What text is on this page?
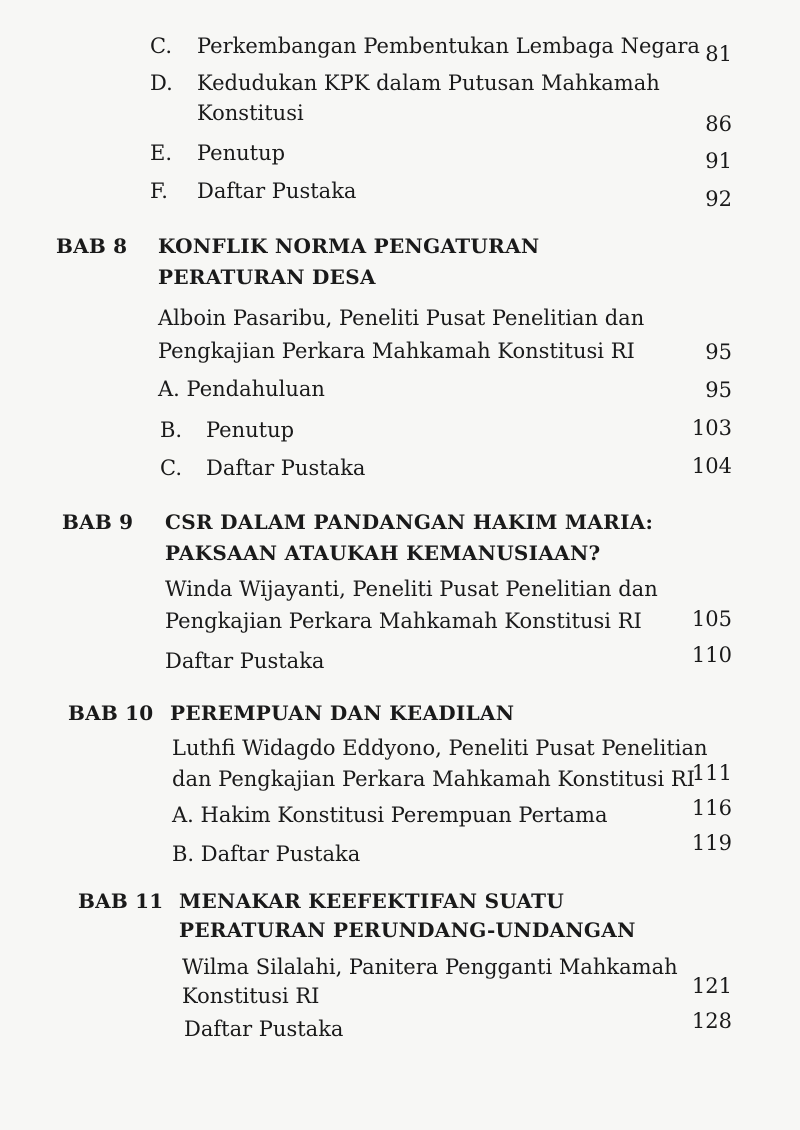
C. Perkembangan Pembentukan Lembaga Negara 81
D. Kedudukan KPK dalam Putusan Mahkamah
Konstitusi	86
E. Penutup	91
F. Daftar Pustaka	92
BAB 8 KONFLIK NORMA PENGATURAN
PERATURAN DESA
Alboin Pasaribu, Peneliti Pusat Penelitian dan
Pengkajian Perkara Mahkamah Konstitusi RI	95
A. Pendahuluan	95
B. Penutup	103
C. Daftar Pustaka	104
BAB 9 CSR DALAM PANDANGAN HAKIM MARIA:
PAKSAAN ATAUKAH KEMANUSIAAN?
Winda Wijayanti, Peneliti Pusat Penelitian dan
Pengkajian Perkara Mahkamah Konstitusi RI	105
Daftar Pustaka	110
BAB 10 PEREMPUAN DAN KEADILAN
Luthfi Widagdo Eddyono, Peneliti Pusat Penelitian
dan Pengkajian Perkara Mahkamah Konstitusi RI
111
A. Hakim Konstitusi Perempuan Pertama	116
B. Daftar Pustaka	119
BAB 11 MENAKAR KEEFEKTIFAN SUATU
PERATURAN PERUNDANG-UNDANGAN
Wilma Silalahi, Panitera Pengganti Mahkamah
Konstitusi RI	121
Daftar Pustaka	128
